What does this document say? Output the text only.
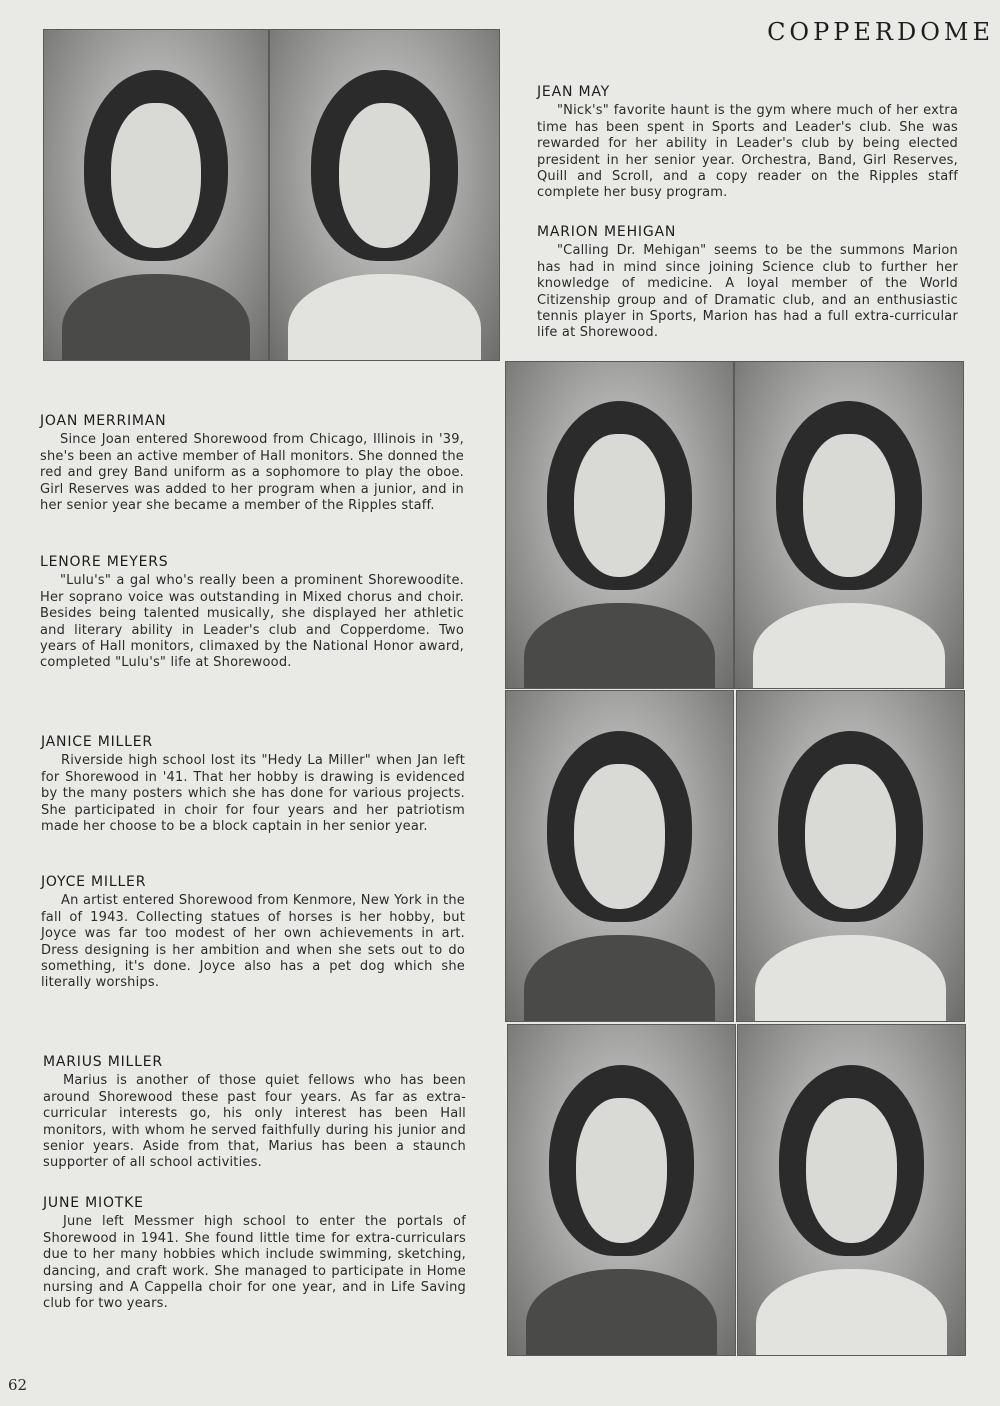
COPPERDOME
JEAN MAY

"Nick's" favorite haunt is the gym where much of her extra time has been spent in Sports and Leader's club. She was rewarded for her ability in Leader's club by being elected president in her senior year. Orchestra, Band, Girl Reserves, Quill and Scroll, and a copy reader on the Ripples staff complete her busy program.

MARION MEHIGAN

"Calling Dr. Mehigan" seems to be the summons Marion has had in mind since joining Science club to further her knowledge of medicine. A loyal member of the World Citizenship group and of Dramatic club, and an enthusiastic tennis player in Sports, Marion has had a full extra-curricular life at Shorewood.

JOAN MERRIMAN

Since Joan entered Shorewood from Chicago, Illinois in '39, she's been an active member of Hall monitors. She donned the red and grey Band uniform as a sophomore to play the oboe. Girl Reserves was added to her program when a junior, and in her senior year she became a member of the Ripples staff.

LENORE MEYERS

"Lulu's" a gal who's really been a prominent Shorewoodite. Her soprano voice was outstanding in Mixed chorus and choir. Besides being talented musically, she displayed her athletic and literary ability in Leader's club and Copperdome. Two years of Hall monitors, climaxed by the National Honor award, completed "Lulu's" life at Shorewood.

JANICE MILLER

Riverside high school lost its "Hedy La Miller" when Jan left for Shorewood in '41. That her hobby is drawing is evidenced by the many posters which she has done for various projects. She participated in choir for four years and her patriotism made her choose to be a block captain in her senior year.

JOYCE MILLER

An artist entered Shorewood from Kenmore, New York in the fall of 1943. Collecting statues of horses is her hobby, but Joyce was far too modest of her own achievements in art. Dress designing is her ambition and when she sets out to do something, it's done. Joyce also has a pet dog which she literally worships.

MARIUS MILLER

Marius is another of those quiet fellows who has been around Shorewood these past four years. As far as extra-curricular interests go, his only interest has been Hall monitors, with whom he served faithfully during his junior and senior years. Aside from that, Marius has been a staunch supporter of all school activities.

JUNE MIOTKE

June left Messmer high school to enter the portals of Shorewood in 1941. She found little time for extra-curriculars due to her many hobbies which include swimming, sketching, dancing, and craft work. She managed to participate in Home nursing and A Cappella choir for one year, and in Life Saving club for two years.

62
